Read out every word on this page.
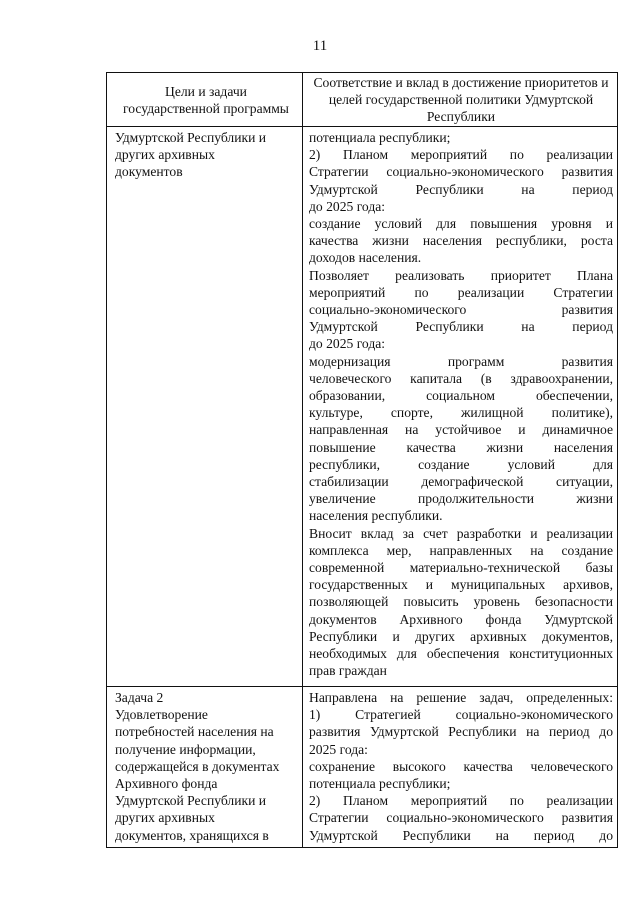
11
Цели и задачи государственной программы
Соответствие и вклад в достижение приоритетов и целей государственной политики Удмуртской Республики

Удмуртской Республики и

других архивных

документов

потенциала республики;

2) Планом мероприятий по реализации

Стратегии социально-экономического развития

Удмуртской Республики на период

до 2025 года:

создание условий для повышения уровня и

качества жизни населения республики, роста

доходов населения.

Позволяет реализовать приоритет Плана

мероприятий по реализации Стратегии

социально-экономического развития

Удмуртской Республики на период

до 2025 года:

модернизация программ развития

человеческого капитала (в здравоохранении,

образовании, социальном обеспечении,

культуре, спорте, жилищной политике),

направленная на устойчивое и динамичное

повышение качества жизни населения

республики, создание условий для

стабилизации демографической ситуации,

увеличение продолжительности жизни

населения республики.

Вносит вклад за счет разработки и реализации

комплекса мер, направленных на создание

современной материально-технической базы

государственных и муниципальных архивов,

позволяющей повысить уровень безопасности

документов Архивного фонда Удмуртской

Республики и других архивных документов,

необходимых для обеспечения конституционных

прав граждан

Задача 2

Удовлетворение

потребностей населения на

получение информации,

содержащейся в документах

Архивного фонда

Удмуртской Республики и

других архивных

документов, хранящихся в

Направлена на решение задач, определенных:

1) Стратегией социально-экономического

развития Удмуртской Республики на период до

2025 года:

сохранение высокого качества человеческого

потенциала республики;

2) Планом мероприятий по реализации

Стратегии социально-экономического развития

Удмуртской Республики на период до
